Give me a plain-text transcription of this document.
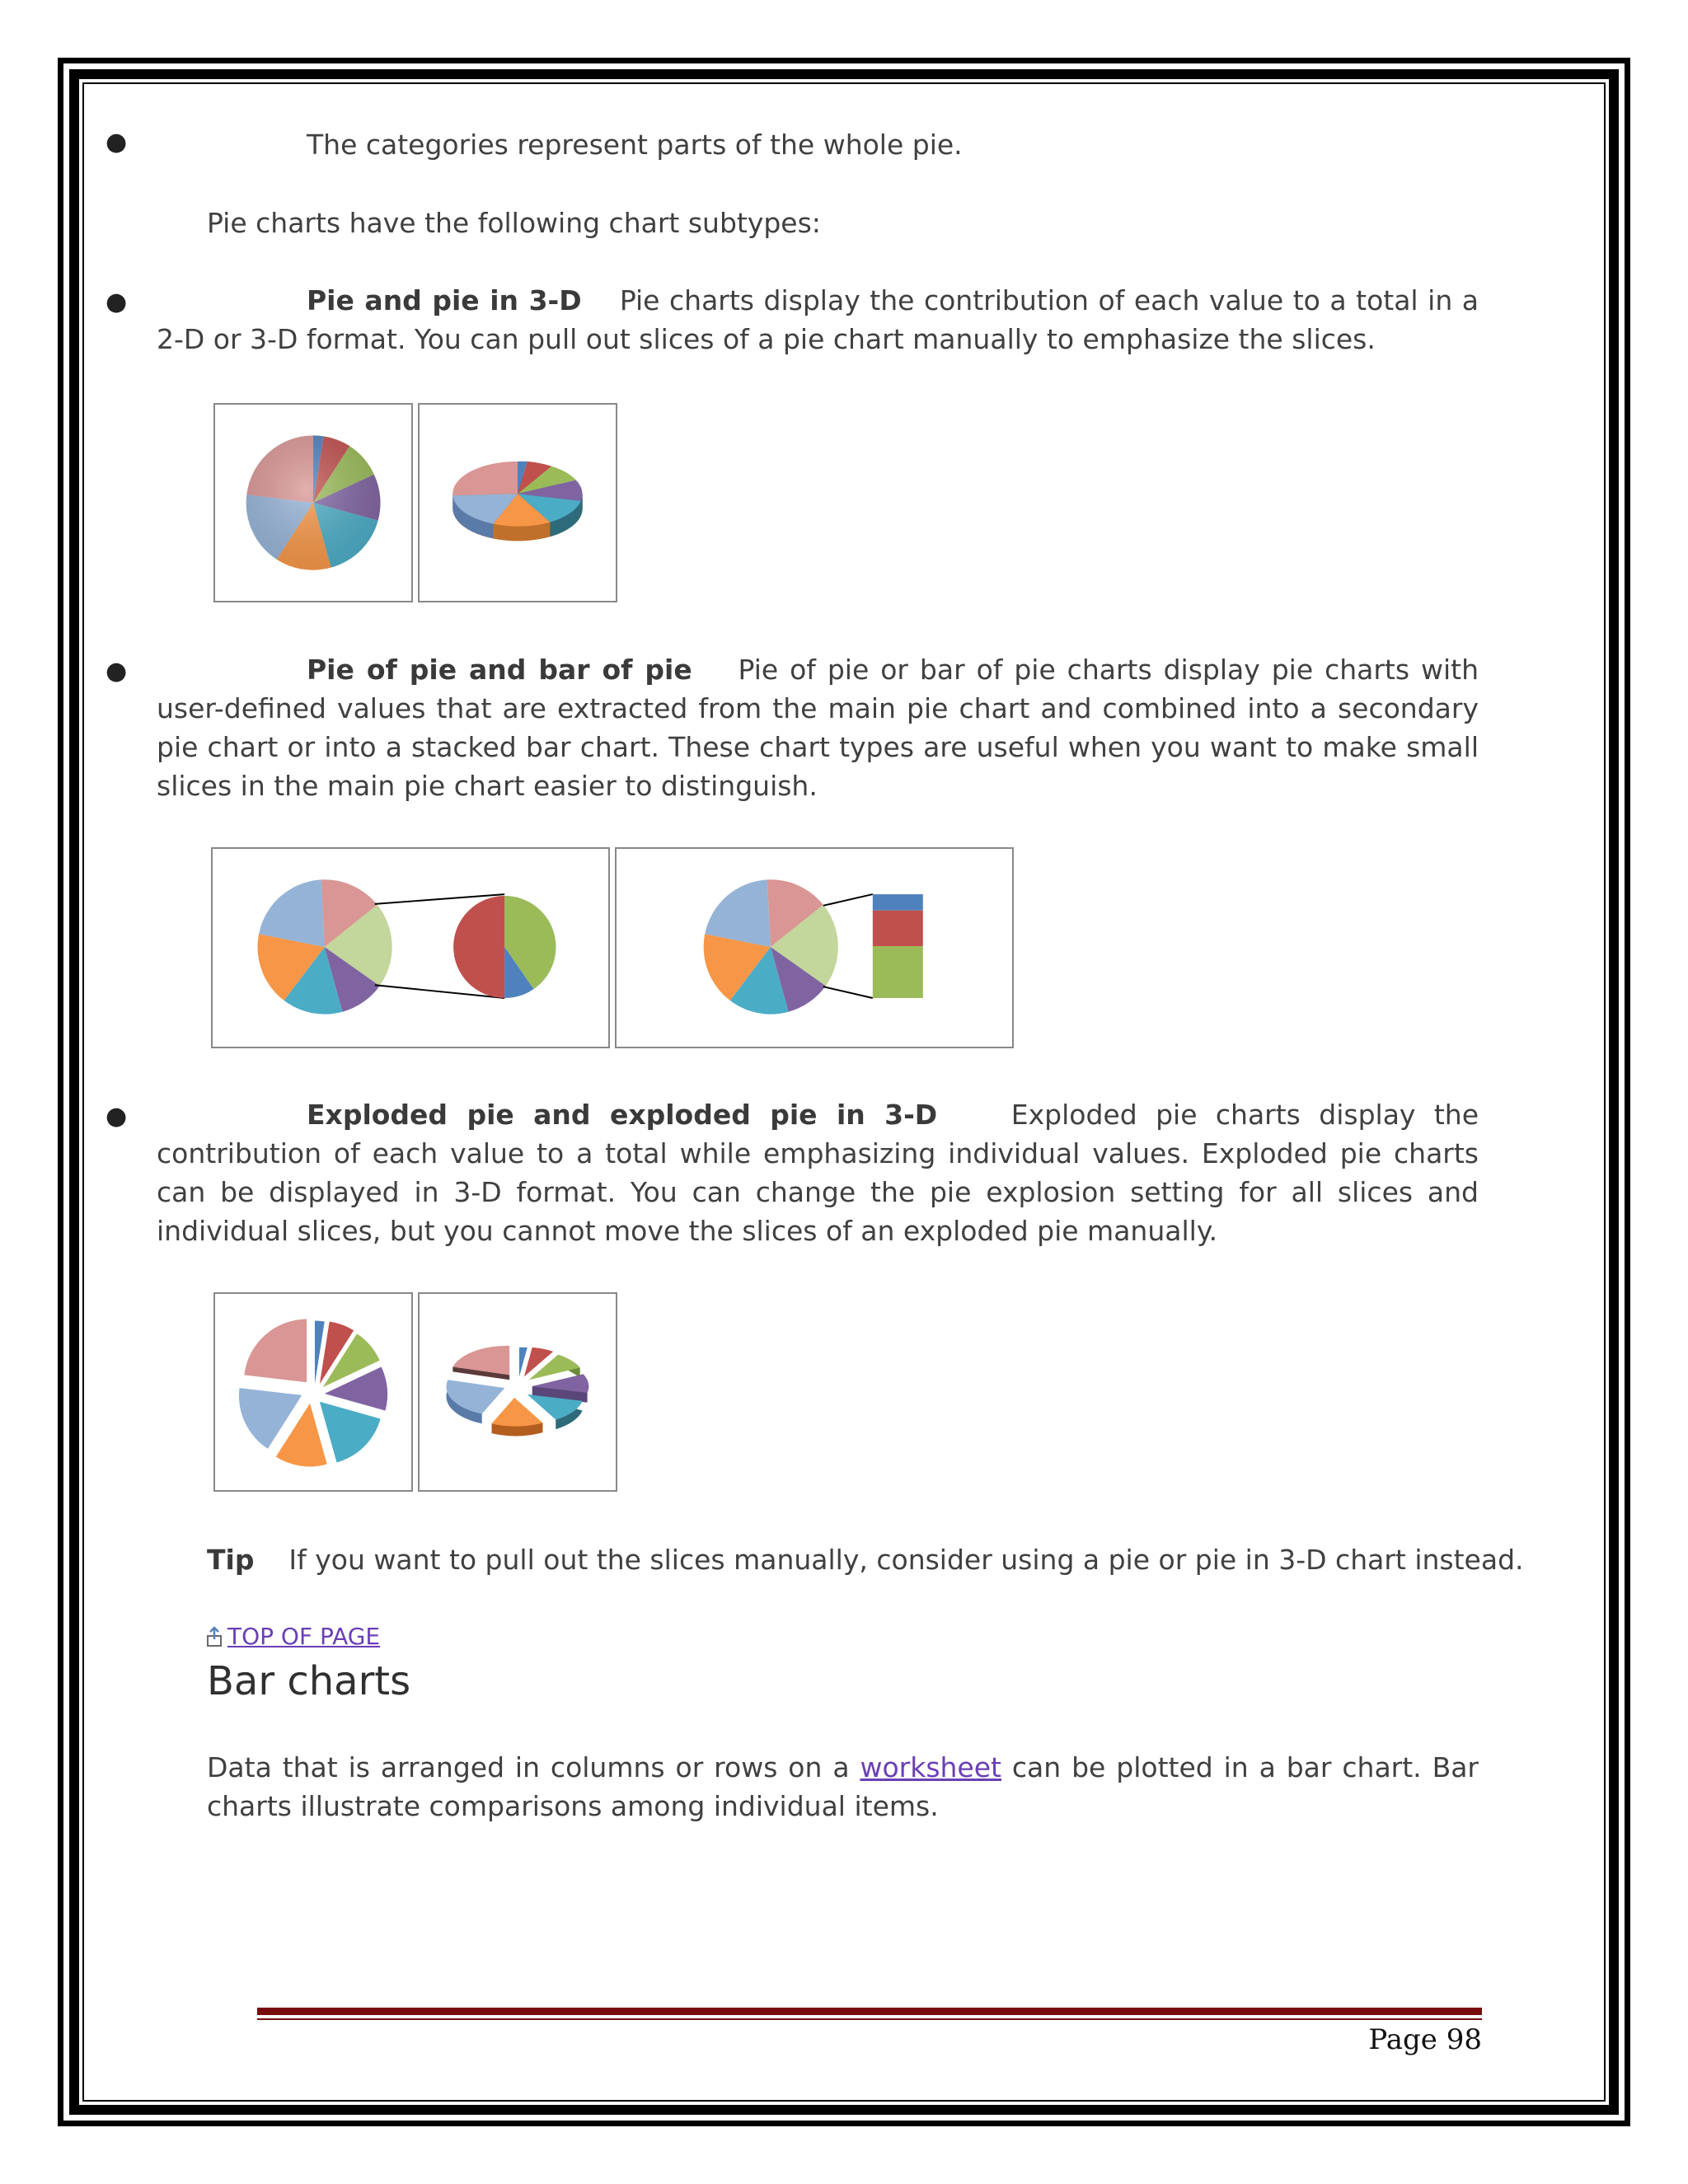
●	The categories represent parts of the whole pie.
Pie charts have the following chart subtypes:
●	Pie and pie in 3-D Pie charts display the contribution of each value to a total in a 2-D or 3-D format. You can pull out slices of a pie chart manually to emphasize the slices.
●	Pie of pie and bar of pie Pie of pie or bar of pie charts display pie charts with user-defined values that are extracted from the main pie chart and combined into a secondary pie chart or into a stacked bar chart. These chart types are useful when you want to make small slices in the main pie chart easier to distinguish.
●	Exploded pie and exploded pie in 3-D	Exploded pie charts display the contribution of each value to a total while emphasizing individual values. Exploded pie charts can be displayed in 3-D format. You can change the pie explosion setting for all slices and individual slices, but you cannot move the slices of an exploded pie manually.
Tip If you want to pull out the slices manually, consider using a pie or pie in 3-D chart instead.
TOP OF PAGE
Bar charts
Data that is arranged in columns or rows on a worksheet can be plotted in a bar chart. Bar charts illustrate comparisons among individual items.
Page 98
